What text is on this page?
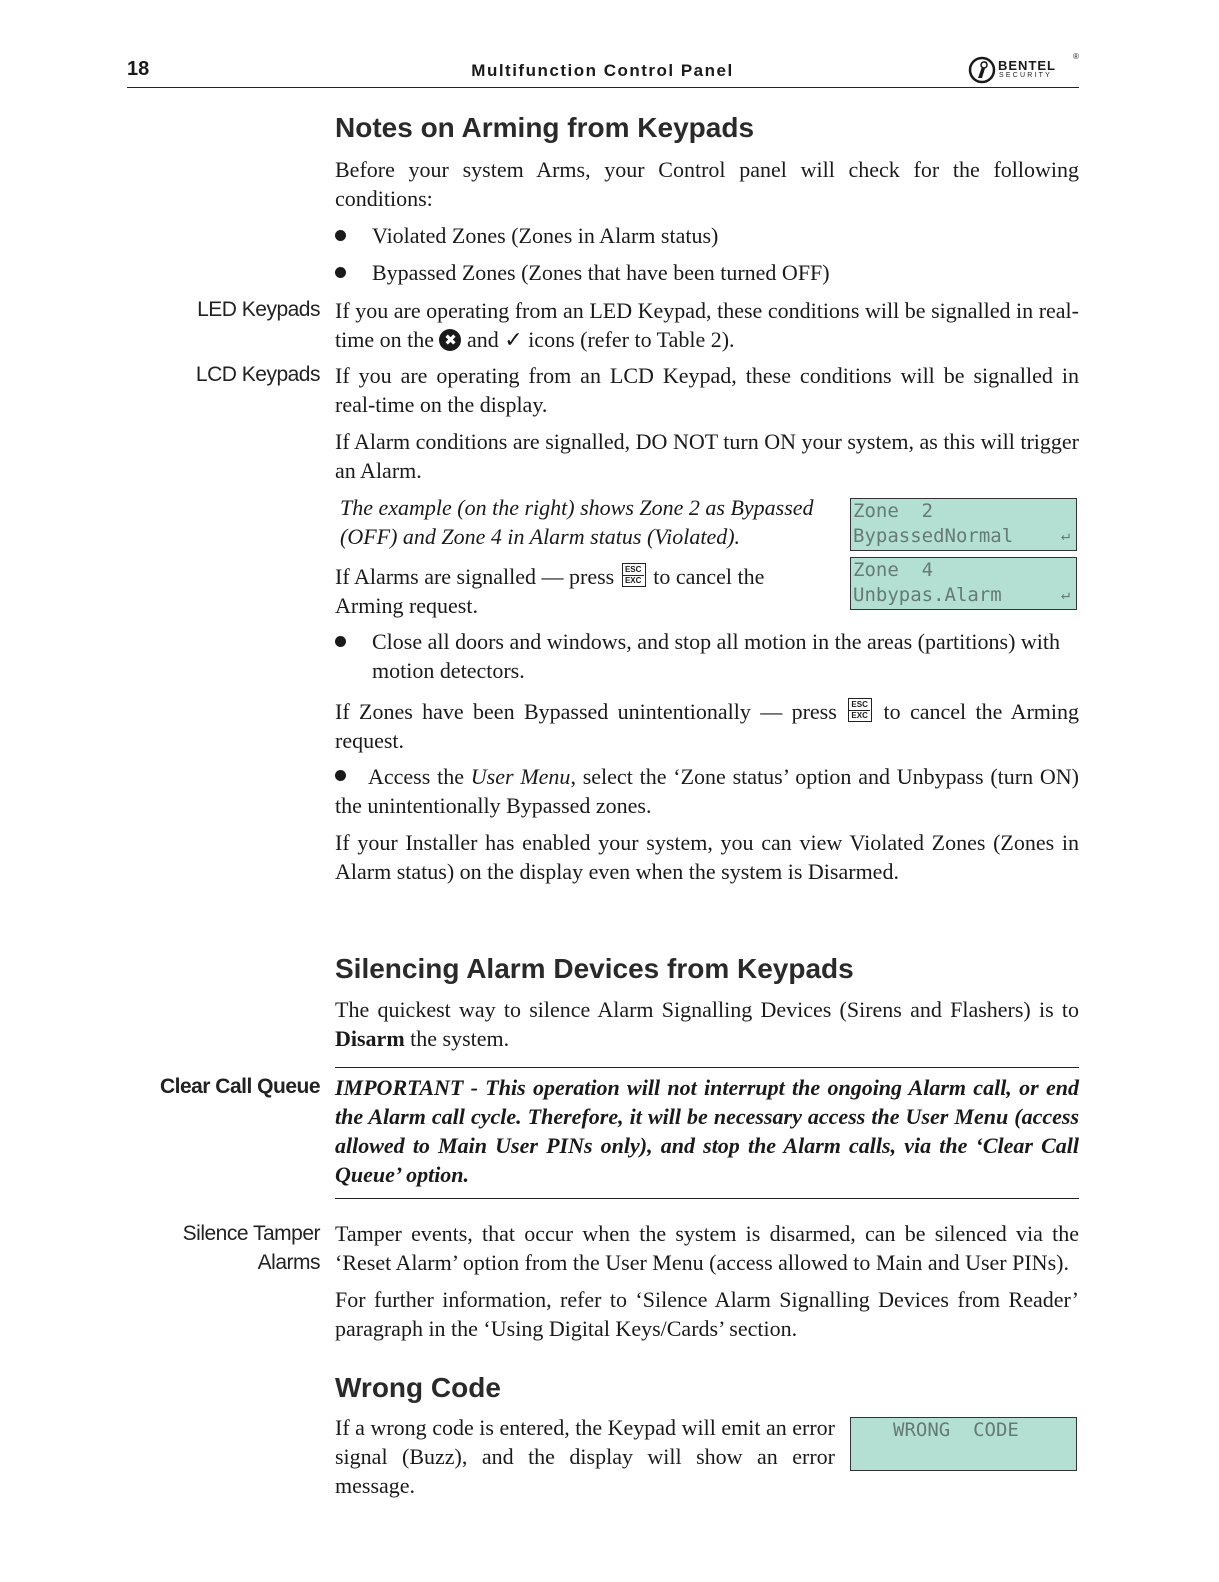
18	Multifunction Control Panel	BENTEL
SECURITY
®
Notes on Arming from Keypads
Before your system Arms, your Control panel will check for the following conditions:
Violated Zones (Zones in Alarm status)
Bypassed Zones (Zones that have been turned OFF)
LED Keypads If you are operating from an LED Keypad, these conditions will be signalled in real-time on the ✖ and ✓ icons (refer to Table 2).
LCD Keypads If you are operating from an LCD Keypad, these conditions will be signalled in real-time on the display.
If Alarm conditions are signalled, DO NOT turn ON your system, as this will trigger an Alarm.
The example (on the right) shows Zone 2 as Bypassed (OFF) and Zone 4 in Alarm status (Violated).
If Alarms are signalled — press ESC
EXC to cancel the Arming request.
Zone  2
BypassedNormal	↵
Zone  4
Unbypas.Alarm	↵
Close all doors and windows, and stop all motion in the areas (partitions) with motion detectors.
If Zones have been Bypassed unintentionally — press ESC
EXC to cancel the Arming request.
Access the User Menu, select the ‘Zone status’ option and Unbypass (turn ON) the unintentionally Bypassed zones.
If your Installer has enabled your system, you can view Violated Zones (Zones in Alarm status) on the display even when the system is Disarmed.
Silencing Alarm Devices from Keypads
The quickest way to silence Alarm Signalling Devices (Sirens and Flashers) is to Disarm the system.
Clear Call Queue IMPORTANT - This operation will not interrupt the ongoing Alarm call, or end the Alarm call cycle. Therefore, it will be necessary access the User Menu (access allowed to Main User PINs only), and stop the Alarm calls, via the ‘Clear Call Queue’ option.
Silence Tamper
Alarms
Tamper events, that occur when the system is disarmed, can be silenced via the ‘Reset Alarm’ option from the User Menu (access allowed to Main and User PINs).
For further information, refer to ‘Silence Alarm Signalling Devices from Reader’ paragraph in the ‘Using Digital Keys/Cards’ section.
Wrong Code
If a wrong code is entered, the Keypad will emit an error signal (Buzz), and the display will show an error message.
WRONG  CODE
